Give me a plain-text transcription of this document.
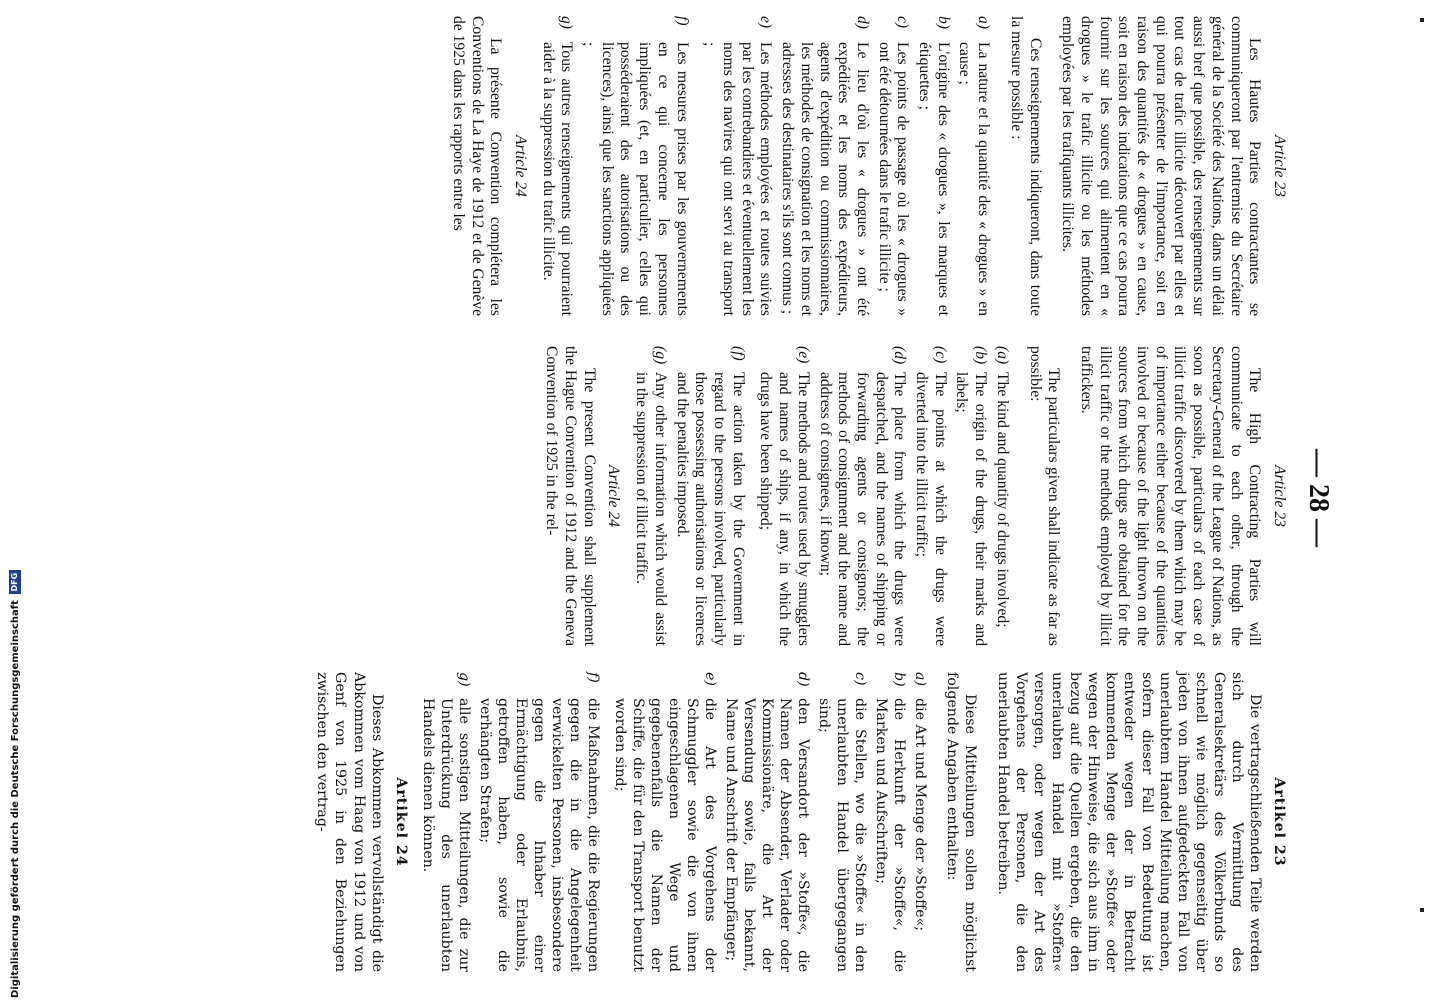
— 28 —
Article 23

Les Hautes Parties contractantes se communiqueront par l'entremise du Secrétaire général de la Société des Nations, dans un délai aussi bref que possible, des renseignements sur tout cas de trafic illicite découvert par elles et qui pourra présenter de l'importance, soit en raison des quantités de « drogues » en cause, soit en raison des indications que ce cas pourra fournir sur les sources qui alimentent en « drogues » le trafic illicite ou les méthodes employées par les trafiquants illicites.

Ces renseignements indiqueront, dans toute la mesure possible :

a)
La nature et la quantité des « drogues » en cause ;
b)
L'origine des « drogues », les marques et étiquettes ;
c)
Les points de passage où les « drogues » ont été détournées dans le trafic illicite ;
d)
Le lieu d'où les « drogues » ont été expédiées et les noms des expéditeurs, agents d'expédition ou commissionnaires, les méthodes de consignation et les noms et adresses des destinataires s'ils sont connus ;
e)
Les méthodes employées et routes suivies par les contrebandiers et éventuellement les noms des navires qui ont servi au transport ;
f)
Les mesures prises par les gouvernements en ce qui concerne les personnes impliquées (et, en particulier, celles qui posséderaient des autorisations ou des licences), ainsi que les sanctions appliquées ;
g)
Tous autres renseignements qui pourraient aider à la suppression du trafic illicite.
Article 24

La présente Convention complétera les Conventions de La Haye de 1912 et de Genève de 1925 dans les rapports entre les

Article 23

The High Contracting Parties will communicate to each other, through the Secretary-General of the League of Nations, as soon as possible, particulars of each case of illicit traffic discovered by them which may be of importance either because of the quantities involved or because of the light thrown on the sources from which drugs are obtained for the illicit traffic or the methods employed by illicit traffickers.

The particulars given shall indicate as far as possible:

(a)
The kind and quantity of drugs involved;
(b)
The origin of the drugs, their marks and labels;
(c)
The points at which the drugs were diverted into the illicit traffic;
(d)
The place from which the drugs were despatched, and the names of shipping or forwarding agents or consignors; the methods of consignment and the name and address of consignees, if known;
(e)
The methods and routes used by smugglers and names of ships, if any, in which the drugs have been shipped;
(f)
The action taken by the Government in regard to the persons involved, particularly those possessing authorisations or licences and the penalties imposed.
(g)
Any other information which would assist in the suppression of illicit traffic.
Article 24

The present Convention shall supplement the Hague Convention of 1912 and the Geneva Convention of 1925 in the rel-

Artikel 23

Die vertragschließenden Teile werden sich durch Vermittlung des Generalsekretärs des Völkerbunds so schnell wie möglich gegenseitig über jeden von ihnen aufgedeckten Fall von unerlaubtem Handel Mitteilung machen, sofern dieser Fall von Bedeutung ist entweder wegen der in Betracht kommenden Menge der »Stoffe« oder wegen der Hinweise, die sich aus ihm in bezug auf die Quellen ergeben, die den unerlaubten Handel mit »Stoffen« versorgen, oder wegen der Art des Vorgehens der Personen, die den unerlaubten Handel betreiben.

Diese Mitteilungen sollen möglichst folgende Angaben enthalten:

a)
die Art und Menge der »Stoffe«;
b)
die Herkunft der »Stoffe«, die Marken und Aufschriften;
c)
die Stellen, wo die »Stoffe« in den unerlaubten Handel übergegangen sind;
d)
den Versandort der »Stoffe«, die Namen der Absender, Verlader oder Kommissionäre, die Art der Versendung sowie, falls bekannt, Name und Anschrift der Empfänger;
e)
die Art des Vorgehens der Schmuggler sowie die von ihnen eingeschlagenen Wege und gegebenenfalls die Namen der Schiffe, die für den Transport benutzt worden sind;
f)
die Maßnahmen, die die Regierungen gegen die in die Angelegenheit verwickelten Personen, insbesondere gegen die Inhaber einer Ermächtigung oder Erlaubnis, getroffen haben, sowie die verhängten Strafen;
g)
alle sonstigen Mitteilungen, die zur Unterdrückung des unerlaubten Handels dienen können.
Artikel 24

Dieses Abkommen vervollständigt die Abkommen vom Haag von 1912 und von Genf von 1925 in den Beziehungen zwischen den vertrag-

Digitalisierung gefördert durch die Deutsche Forschungsgemeinschaft
DFG
